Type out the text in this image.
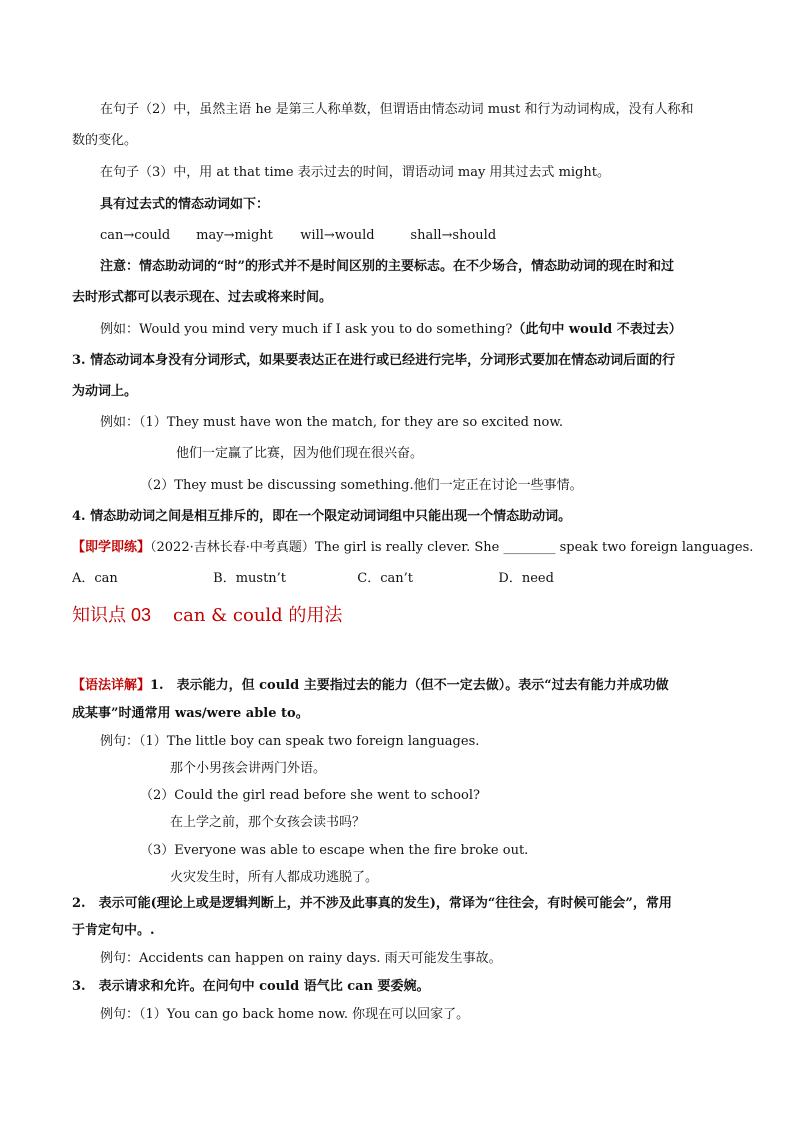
在句子（2）中，虽然主语 he 是第三人称单数，但谓语由情态动词 must 和行为动词构成，没有人称和
数的变化。
在句子（3）中，用 at that time 表示过去的时间，谓语动词 may 用其过去式 might。
具有过去式的情态动词如下：
can→could may→might will→would	shall→should
注意：情态助动词的“时”的形式并不是时间区别的主要标志。在不少场合，情态助动词的现在时和过
去时形式都可以表示现在、过去或将来时间。
例如：Would you mind very much if I ask you to do something?（此句中 would 不表过去）
3. 情态动词本身没有分词形式，如果要表达正在进行或已经进行完毕，分词形式要加在情态动词后面的行
为动词上。
例如：（1）They must have won the match, for they are so excited now.
他们一定赢了比赛，因为他们现在很兴奋。
（2）They must be discussing something.他们一定正在讨论一些事情。
4. 情态助动词之间是相互排斥的，即在一个限定动词词组中只能出现一个情态助动词。
【即学即练】（2022·吉林长春·中考真题）The girl is really clever. She ________ speak two foreign languages.
A．can	B．mustn’t	C．can’t	D．need
知识点 03 can & could 的用法
【语法详解】1.　表示能力，但 could 主要指过去的能力（但不一定去做）。表示“过去有能力并成功做
成某事”时通常用 was/were able to。
例句：（1）The little boy can speak two foreign languages.
那个小男孩会讲两门外语。
（2）Could the girl read before she went to school?
在上学之前，那个女孩会读书吗？
（3）Everyone was able to escape when the fire broke out.
火灾发生时，所有人都成功逃脱了。
2.　表示可能(理论上或是逻辑判断上，并不涉及此事真的发生)，常译为“往往会，有时候可能会”，常用
于肯定句中。.
例句：Accidents can happen on rainy days. 雨天可能发生事故。
3.　表示请求和允许。在问句中 could 语气比 can 要委婉。
例句：（1）You can go back home now. 你现在可以回家了。
